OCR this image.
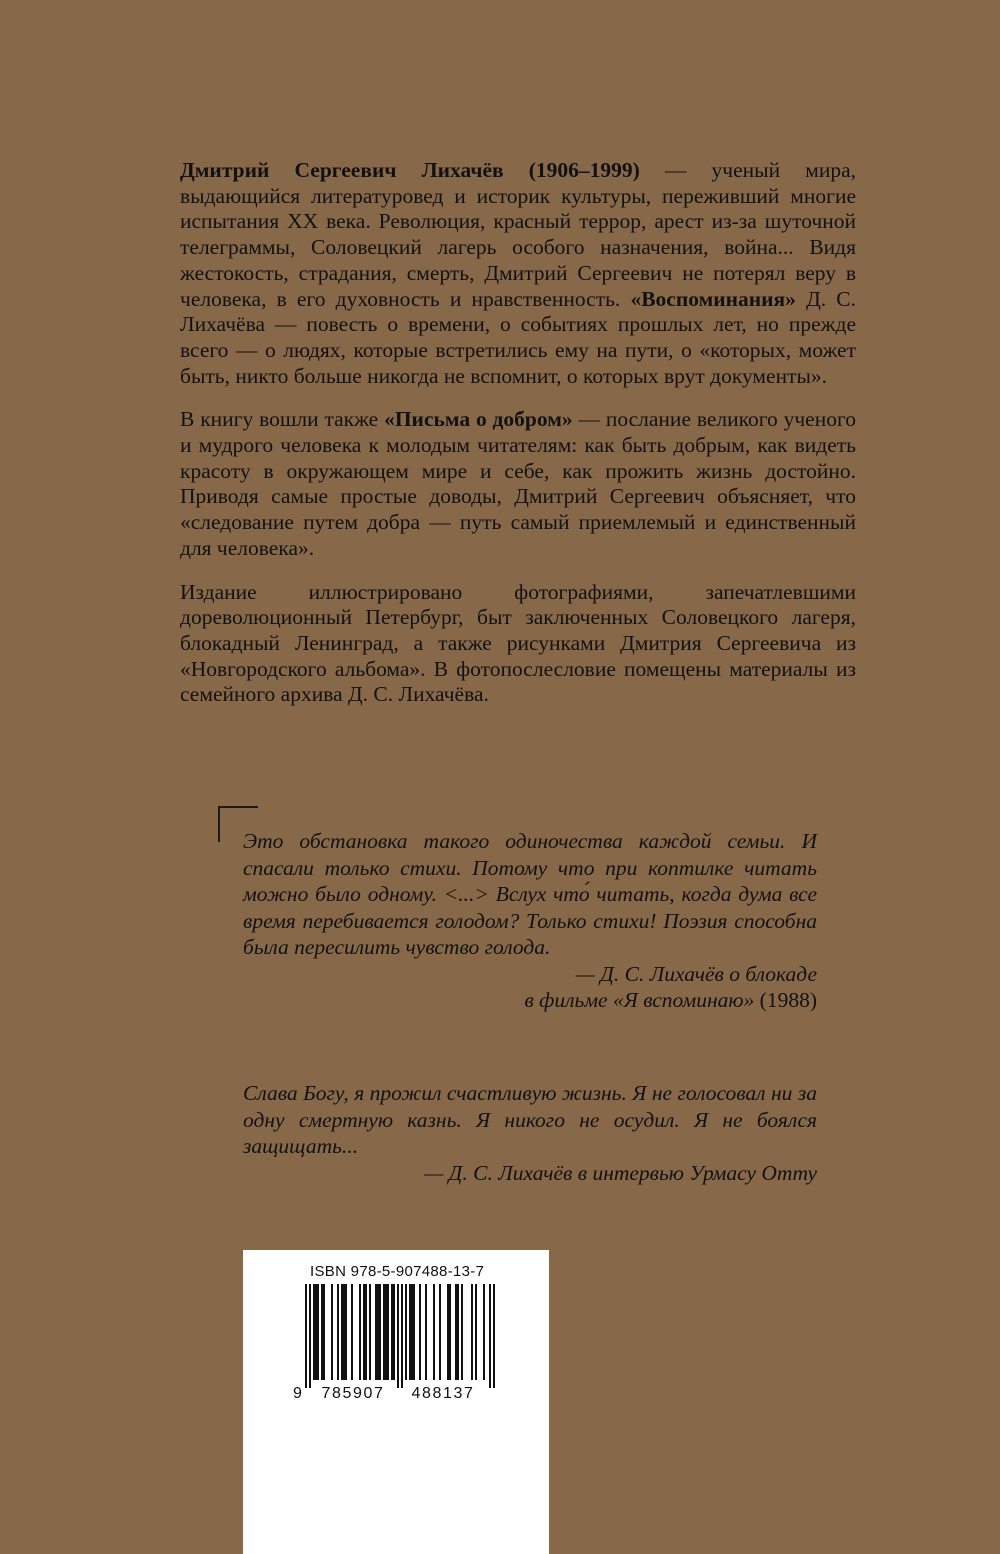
Дмитрий Сергеевич Лихачёв (1906–1999) — ученый мира, выдающийся литературовед и историк культуры, переживший многие испытания XX века. Революция, красный террор, арест из-за шуточной телеграммы, Соловецкий лагерь особого назначения, война... Видя жестокость, страдания, смерть, Дмитрий Сергеевич не потерял веру в человека, в его духовность и нравственность. «Воспоминания» Д. С. Лихачёва — повесть о времени, о событиях прошлых лет, но прежде всего — о людях, которые встретились ему на пути, о «которых, может быть, никто больше никогда не вспомнит, о которых врут документы».

В книгу вошли также «Письма о добром» — послание великого ученого и мудрого человека к молодым читателям: как быть добрым, как видеть красоту в окружающем мире и себе, как прожить жизнь достойно. Приводя самые простые доводы, Дмитрий Сергеевич объясняет, что «следование путем добра — путь самый приемлемый и единственный для человека».

Издание иллюстрировано фотографиями, запечатлевшими дореволюционный Петербург, быт заключенных Соловецкого лагеря, блокадный Ленинград, а также рисунками Дмитрия Сергеевича из «Новгородского альбома». В фотопослесловие помещены материалы из семейного архива Д. С. Лихачёва.

Это обстановка такого одиночества каждой семьи. И спасали только стихи. Потому что при коптилке читать можно было одному. <...> Вслух что́ читать, когда дума все время перебивается голодом? Только стихи! Поэзия способна была пересилить чувство голода.
— Д. С. Лихачёв о блокаде
в фильме «Я вспоминаю» (1988)
Слава Богу, я прожил счастливую жизнь. Я не голосовал ни за одну смертную казнь. Я никого не осудил. Я не боялся защищать...
— Д. С. Лихачёв в интервью Урмасу Отту
ISBN 978-5-907488-13-7
9 785907 488137
